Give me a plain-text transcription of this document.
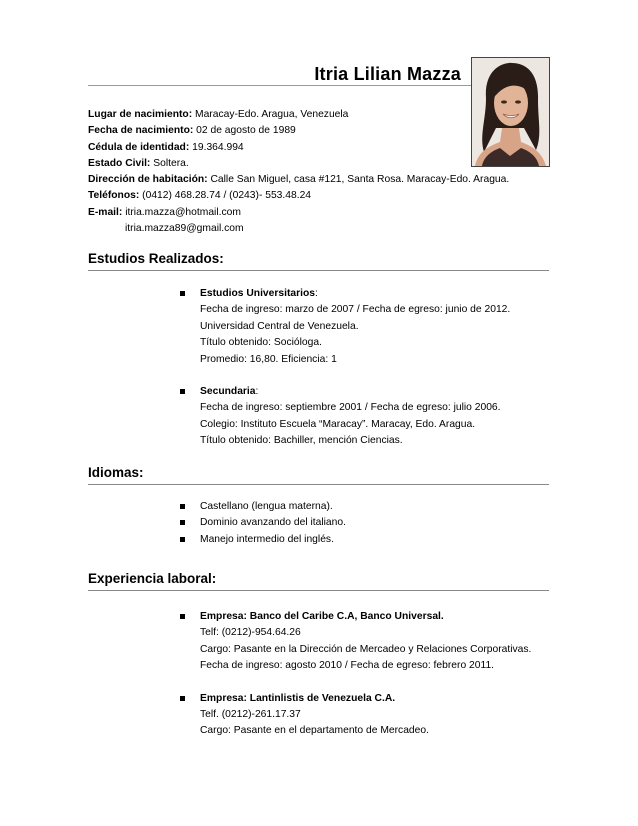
Itria Lilian Mazza
Lugar de nacimiento: Maracay-Edo. Aragua, Venezuela
Fecha de nacimiento: 02 de agosto de 1989
Cédula de identidad: 19.364.994
Estado Civil: Soltera.
Dirección de habitación: Calle San Miguel, casa #121, Santa Rosa. Maracay-Edo. Aragua.
Teléfonos: (0412) 468.28.74 / (0243)- 553.48.24
E-mail: itria.mazza@hotmail.com
itria.mazza89@gmail.com
Estudios Realizados:
Estudios Universitarios:
Fecha de ingreso: marzo de 2007 / Fecha de egreso: junio de 2012.
Universidad Central de Venezuela.
Título obtenido: Socióloga.
Promedio: 16,80. Eficiencia: 1
Secundaria:
Fecha de ingreso: septiembre 2001 / Fecha de egreso: julio 2006.
Colegio: Instituto Escuela “Maracay”. Maracay, Edo. Aragua.
Título obtenido: Bachiller, mención Ciencias.
Idiomas:
Castellano (lengua materna).
Dominio avanzando del italiano.
Manejo intermedio del inglés.
Experiencia laboral:
Empresa: Banco del Caribe C.A, Banco Universal.
Telf: (0212)-954.64.26
Cargo: Pasante en la Dirección de Mercadeo y Relaciones Corporativas.
Fecha de ingreso: agosto 2010 / Fecha de egreso: febrero 2011.
Empresa: Lantinlistis de Venezuela C.A.
Telf. (0212)-261.17.37
Cargo: Pasante en el departamento de Mercadeo.
